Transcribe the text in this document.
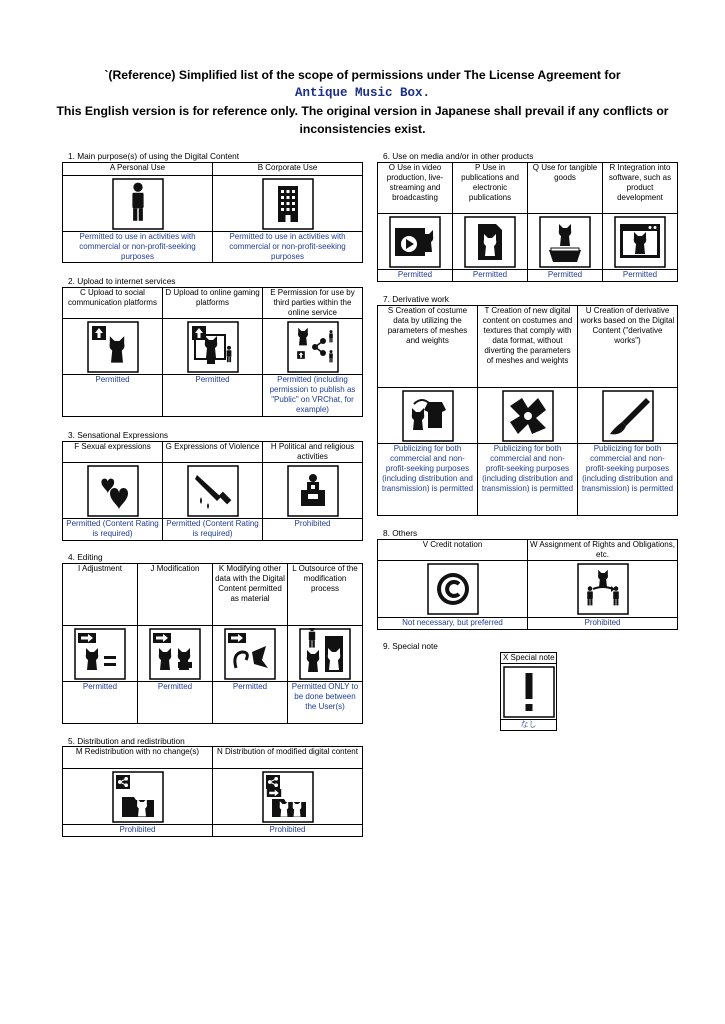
`(Reference) Simplified list of the scope of permissions under The License Agreement for
Antique Music Box.
This English version is for reference only. The original version in Japanese shall prevail if any conflicts or
inconsistencies exist.
1. Main purpose(s) of using the Digital Content
A Personal Use	B Corporate Use

Permitted to use in activities with commercial or non-profit-seeking purposes	Permitted to use in activities with commercial or non-profit-seeking purposes
2. Upload to internet services
C Upload to social communication platforms	D Upload to online gaming platforms	E Permission for use by third parties within the online service

Permitted	Permitted	Permitted (including permission to publish as "Public" on VRChat, for example)
3. Sensational Expressions
F Sexual expressions	G Expressions of Violence	H Political and religious activities

Permitted (Content Rating is required)	Permitted (Content Rating is required)	Prohibited
4. Editing
I Adjustment	J Modification	K Modifying other data with the Digital Content permitted as material	L Outsource of the modification process

Permitted	Permitted	Permitted	Permitted ONLY to be done between the User(s)
5. Distribution and redistribution
M Redistribution with no change(s)	N Distribution of modified digital content

Prohibited	Prohibited
6. Use on media and/or in other products
O Use in video production, live-streaming and broadcasting	P Use in publications and electronic publications	Q Use for tangible goods	R Integration into software, such as product development

Permitted	Permitted	Permitted	Permitted
7. Derivative work
S Creation of costume data by utilizing the parameters of meshes and weights	T Creation of new digital content on costumes and textures that comply with data format, without diverting the parameters of meshes and weights	U Creation of derivative works based on the Digital Content ("derivative works")

Publicizing for both commercial and non-profit-seeking purposes (including distribution and transmission) is permitted	Publicizing for both commercial and non-profit-seeking purposes (including distribution and transmission) is permitted	Publicizing for both commercial and non-profit-seeking purposes (including distribution and transmission) is permitted
8. Others
V Credit notation	W Assignment of Rights and Obligations, etc.

Not necessary, but preferred	Prohibited
9. Special note
X Special note

なし
